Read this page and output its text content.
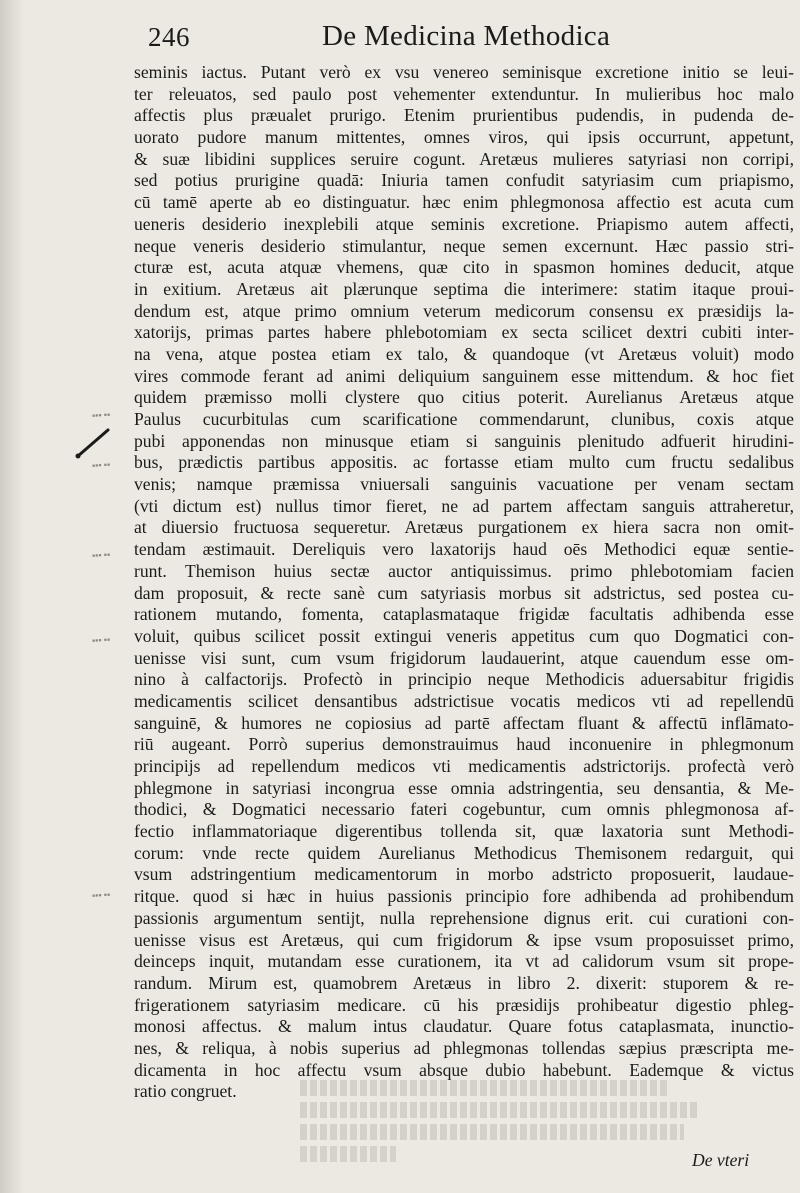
246	De Medicina Methodica
▪▪▪ ▪▪
▪▪▪ ▪▪
▪▪▪ ▪▪
▪▪▪ ▪▪
▪▪▪ ▪▪
seminis iactus. Putant verò ex vsu venereo seminisque excretione initio se leui-
ter releuatos, sed paulo post vehementer extenduntur. In mulieribus hoc malo
affectis plus præualet prurigo. Etenim prurientibus pudendis, in pudenda de-
uorato pudore manum mittentes, omnes viros, qui ipsis occurrunt, appetunt,
& suæ libidini supplices seruire cogunt. Aretæus mulieres satyriasi non corripi,
sed potius prurigine quadā: Iniuria tamen confudit satyriasim cum priapismo,
cū tamē aperte ab eo distinguatur. hæc enim phlegmonosa affectio est acuta cum
ueneris desiderio inexplebili atque seminis excretione. Priapismo autem affecti,
neque veneris desiderio stimulantur, neque semen excernunt. Hæc passio stri-
cturæ est, acuta atquæ vhemens, quæ cito in spasmon homines deducit, atque
in exitium. Aretæus ait plærunque septima die interimere: statim itaque prouі-
dendum est, atque primo omnium veterum medicorum consensu ex præsidijs la-
xatorijs, primas partes habere phlebotomiam ex secta scilicet dextri cubiti inter-
na vena, atque postea etiam ex talo, & quandoque (vt Aretæus voluit) modo
vires commode ferant ad animi deliquium sanguinem esse mittendum. & hoc fiet
quidem præmisso molli clystere quo citius poterit. Aurelianus Aretæus atque
Paulus cucurbitulas cum scarificatione commendarunt, clunibus, coxis atque
pubi apponendas non minusque etiam si sanguinis plenitudo adfuerit hirudini-
bus, prædictis partibus appositis. ac fortasse etiam multo cum fructu sedalibus
venis; namque præmissa vniuersali sanguinis vacuatione per venam sectam
(vti dictum est) nullus timor fieret, ne ad partem affectam sanguis attraheretur,
at diuersio fructuosa sequeretur. Aretæus purgationem ex hiera sacra non omit-
tendam æstimauit. Dereliquis vero laxatorijs haud oēs Methodici equæ sentie-
runt. Themison huius sectæ auctor antiquissimus. primo phlebotomiam facien
dam proposuit, & recte sanè cum satyriasis morbus sit adstrictus, sed postea cu-
rationem mutando, fomenta, cataplasmataque frigidæ facultatis adhibenda esse
voluit, quibus scilicet possit extingui veneris appetitus cum quo Dogmatici con-
uenisse visi sunt, cum vsum frigidorum laudauerint, atque cauendum esse om-
nino à calfactorijs. Profectò in principio neque Methodicis aduersabitur frigidis
medicamentis scilicet densantibus adstrictisue vocatis medicos vti ad repellendū
sanguinē, & humores ne copiosius ad partē affectam fluant & affectū inflāmato-
riū augeant. Porrò superius demonstrauimus haud inconuenire in phlegmonum
principijs ad repellendum medicos vti medicamentis adstrictorijs. profectà verò
phlegmone in satyriasi incongrua esse omnia adstringentia, seu densantia, & Me-
thodici, & Dogmatici necessario fateri cogebuntur, cum omnis phlegmonosa af-
fectio inflammatoriaque digerentibus tollenda sit, quæ laxatoria sunt Methodi-
corum: vnde recte quidem Aurelianus Methodicus Themisonem redarguit, qui
vsum adstringentium medicamentorum in morbo adstricto proposuerit, laudaue-
ritque. quod si hæc in huius passionis principio fore adhibenda ad prohibendum
passionis argumentum sentijt, nulla reprehensione dignus erit. cui curationi con-
uenisse visus est Aretæus, qui cum frigidorum & ipse vsum proposuisset primo,
deinceps inquit, mutandam esse curationem, ita vt ad calidorum vsum sit prope-
randum. Mirum est, quamobrem Aretæus in libro 2. dixerit: stuporem & re-
frigerationem satyriasim medicare. cū his præsidijs prohibeatur digestio phleg-
monosi affectus. & malum intus claudatur. Quare fotus cataplasmata, inunctio-
nes, & reliqua, à nobis superius ad phlegmonas tollendas sæpius præscripta me-
dicamenta in hoc affectu vsum absque dubio habebunt. Eademque & victus
ratio congruet.
De vteri
